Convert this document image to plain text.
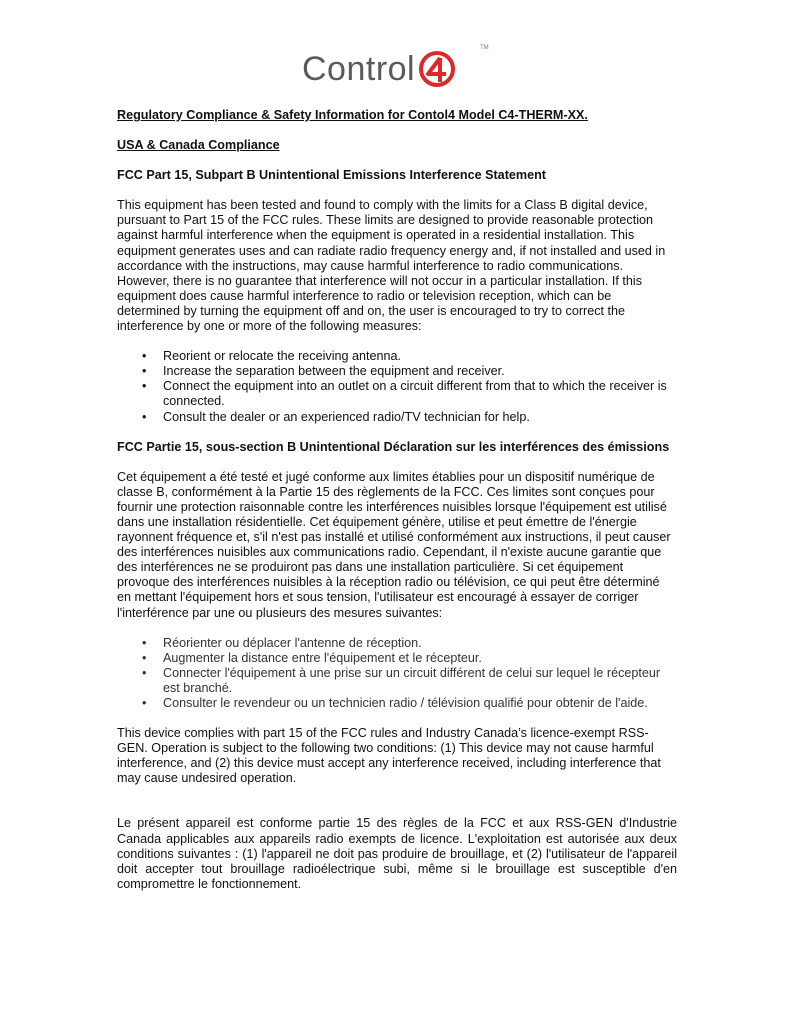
Control
TM

Regulatory Compliance & Safety Information for Contol4 Model C4-THERM-XX.

USA & Canada Compliance

FCC Part 15, Subpart B Unintentional Emissions Interference Statement

This equipment has been tested and found to comply with the limits for a Class B digital device, pursuant to Part 15 of the FCC rules. These limits are designed to provide reasonable protection against harmful interference when the equipment is operated in a residential installation. This equipment generates uses and can radiate radio frequency energy and, if not installed and used in accordance with the instructions, may cause harmful interference to radio communications. However, there is no guarantee that interference will not occur in a particular installation. If this equipment does cause harmful interference to radio or television reception, which can be determined by turning the equipment off and on, the user is encouraged to try to correct the interference by one or more of the following measures:

• Reorient or relocate the receiving antenna.
• Increase the separation between the equipment and receiver.
• Connect the equipment into an outlet on a circuit different from that to which the receiver is connected.
• Consult the dealer or an experienced radio/TV technician for help.

FCC Partie 15, sous-section B Unintentional Déclaration sur les interférences des émissions

Cet équipement a été testé et jugé conforme aux limites établies pour un dispositif numérique de classe B, conformément à la Partie 15 des règlements de la FCC. Ces limites sont conçues pour fournir une protection raisonnable contre les interférences nuisibles lorsque l'équipement est utilisé dans une installation résidentielle. Cet équipement génère, utilise et peut émettre de l'énergie rayonnent fréquence et, s'il n'est pas installé et utilisé conformément aux instructions, il peut causer des interférences nuisibles aux communications radio. Cependant, il n'existe aucune garantie que des interférences ne se produiront pas dans une installation particulière. Si cet équipement provoque des interférences nuisibles à la réception radio ou télévision, ce qui peut être déterminé en mettant l'équipement hors et sous tension, l'utilisateur est encouragé à essayer de corriger l'interférence par une ou plusieurs des mesures suivantes:

• Réorienter ou déplacer l'antenne de réception.
• Augmenter la distance entre l'équipement et le récepteur.
• Connecter l'équipement à une prise sur un circuit différent de celui sur lequel le récepteur est branché.
• Consulter le revendeur ou un technicien radio / télévision qualifié pour obtenir de l'aide.

This device complies with part 15 of the FCC rules and Industry Canada’s licence-exempt RSS-GEN. Operation is subject to the following two conditions: (1) This device may not cause harmful interference, and (2) this device must accept any interference received, including interference that may cause undesired operation.

Le présent appareil est conforme partie 15 des règles de la FCC et aux RSS-GEN d'Industrie Canada applicables aux appareils radio exempts de licence. L'exploitation est autorisée aux deux conditions suivantes : (1) l'appareil ne doit pas produire de brouillage, et (2) l'utilisateur de l'appareil doit accepter tout brouillage radioélectrique subi, même si le brouillage est susceptible d'en compromettre le fonctionnement.
